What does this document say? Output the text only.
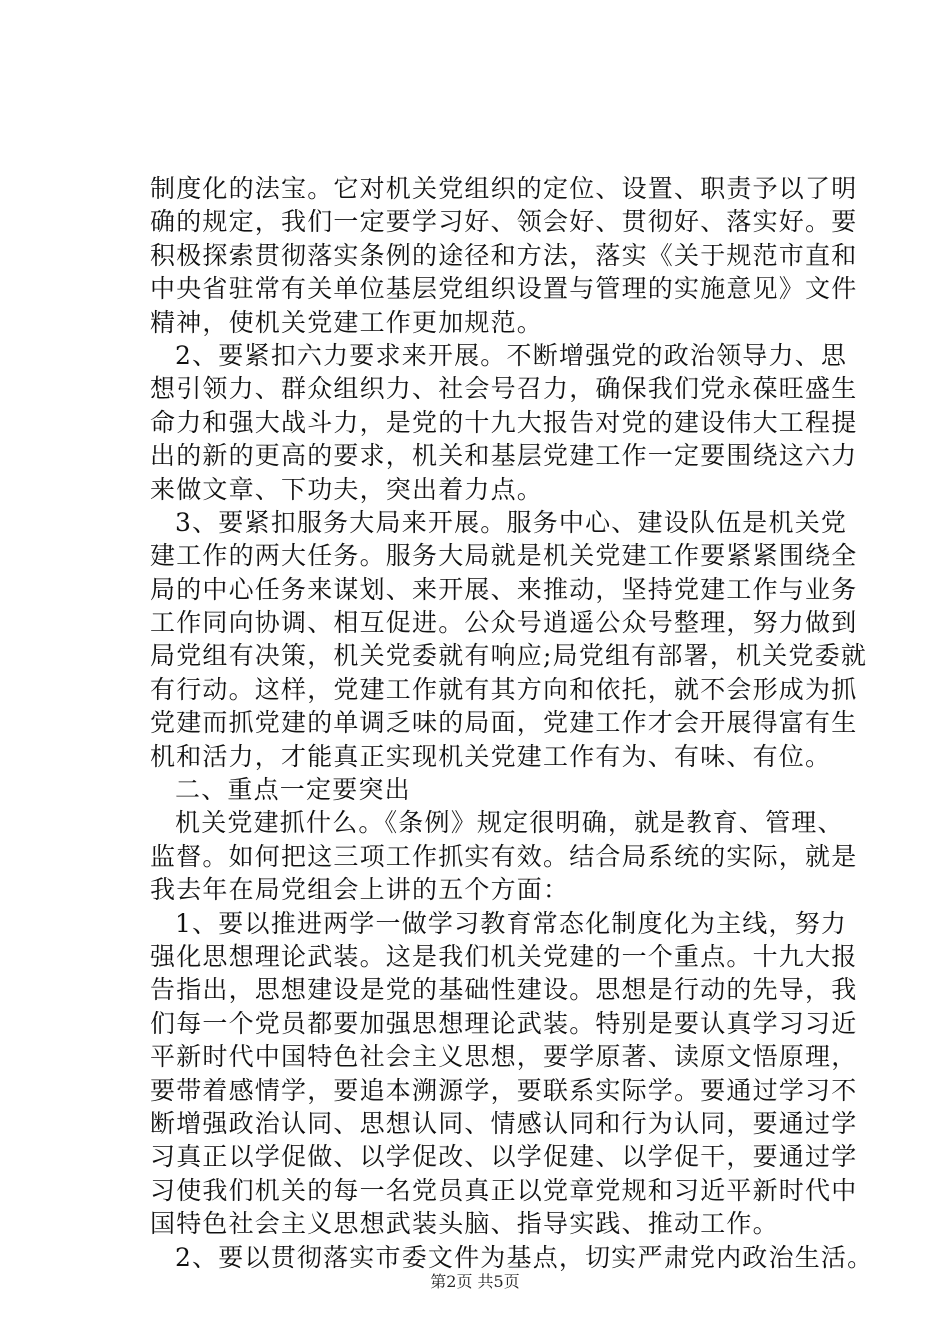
制度化的法宝。它对机关党组织的定位、设置、职责予以了明
确的规定，我们一定要学习好、领会好、贯彻好、落实好。要
积极探索贯彻落实条例的途径和方法，落实《关于规范市直和
中央省驻常有关单位基层党组织设置与管理的实施意见》文件
精神，使机关党建工作更加规范。
2、要紧扣六力要求来开展。不断增强党的政治领导力、思
想引领力、群众组织力、社会号召力，确保我们党永葆旺盛生
命力和强大战斗力，是党的十九大报告对党的建设伟大工程提
出的新的更高的要求，机关和基层党建工作一定要围绕这六力
来做文章、下功夫，突出着力点。
3、要紧扣服务大局来开展。服务中心、建设队伍是机关党
建工作的两大任务。服务大局就是机关党建工作要紧紧围绕全
局的中心任务来谋划、来开展、来推动，坚持党建工作与业务
工作同向协调、相互促进。公众号逍遥公众号整理，努力做到
局党组有决策，机关党委就有响应;局党组有部署，机关党委就
有行动。这样，党建工作就有其方向和依托，就不会形成为抓
党建而抓党建的单调乏味的局面，党建工作才会开展得富有生
机和活力，才能真正实现机关党建工作有为、有味、有位。
二、重点一定要突出
机关党建抓什么。《条例》规定很明确，就是教育、管理、
监督。如何把这三项工作抓实有效。结合局系统的实际，就是
我去年在局党组会上讲的五个方面：
1、要以推进两学一做学习教育常态化制度化为主线，努力
强化思想理论武装。这是我们机关党建的一个重点。十九大报
告指出，思想建设是党的基础性建设。思想是行动的先导，我
们每一个党员都要加强思想理论武装。特别是要认真学习习近
平新时代中国特色社会主义思想，要学原著、读原文悟原理，
要带着感情学，要追本溯源学，要联系实际学。要通过学习不
断增强政治认同、思想认同、情感认同和行为认同，要通过学
习真正以学促做、以学促改、以学促建、以学促干，要通过学
习使我们机关的每一名党员真正以党章党规和习近平新时代中
国特色社会主义思想武装头脑、指导实践、推动工作。
2、要以贯彻落实市委文件为基点，切实严肃党内政治生活。
第2页 共5页
